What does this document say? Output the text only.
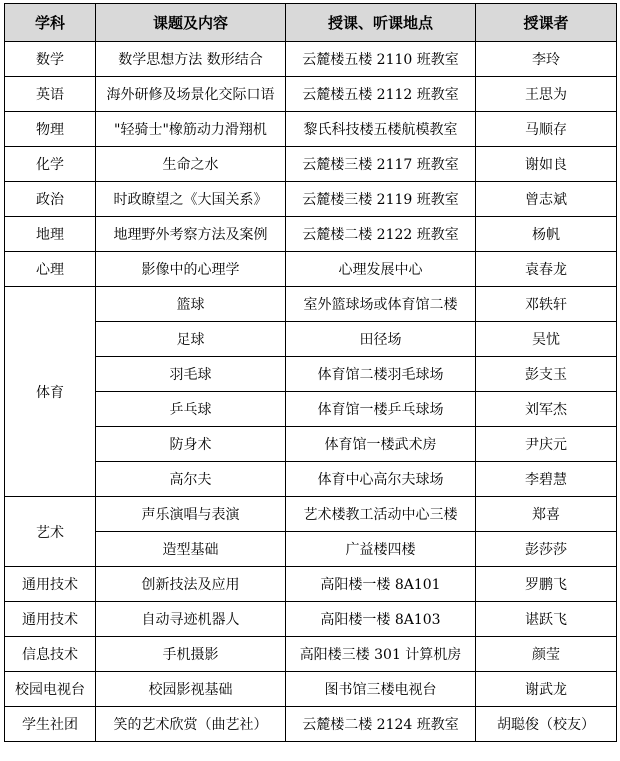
学科	课题及内容	授课、听课地点	授课者
数学	数学思想方法 数形结合	云麓楼五楼 2110 班教室	李玲
英语	海外研修及场景化交际口语	云麓楼五楼 2112 班教室	王思为
物理	"轻骑士"橡筋动力滑翔机	黎氏科技楼五楼航模教室	马顺存
化学	生命之水	云麓楼三楼 2117 班教室	谢如良
政治	时政瞭望之《大国关系》	云麓楼三楼 2119 班教室	曾志斌
地理	地理野外考察方法及案例	云麓楼二楼 2122 班教室	杨帆
心理	影像中的心理学	心理发展中心	袁春龙
体育	篮球	室外篮球场或体育馆二楼	邓轶轩
	足球	田径场	吴忧
	羽毛球	体育馆二楼羽毛球场	彭支玉
	乒乓球	体育馆一楼乒乓球场	刘军杰
	防身术	体育馆一楼武术房	尹庆元
	高尔夫	体育中心高尔夫球场	李碧慧
艺术	声乐演唱与表演	艺术楼教工活动中心三楼	郑喜
	造型基础	广益楼四楼	彭莎莎
通用技术	创新技法及应用	高阳楼一楼 8A101	罗鹏飞
通用技术	自动寻迹机器人	高阳楼一楼 8A103	谌跃飞
信息技术	手机摄影	高阳楼三楼 301 计算机房	颜莹
校园电视台	校园影视基础	图书馆三楼电视台	谢武龙
学生社团	笑的艺术欣赏（曲艺社）	云麓楼二楼 2124 班教室	胡聪俊（校友）
